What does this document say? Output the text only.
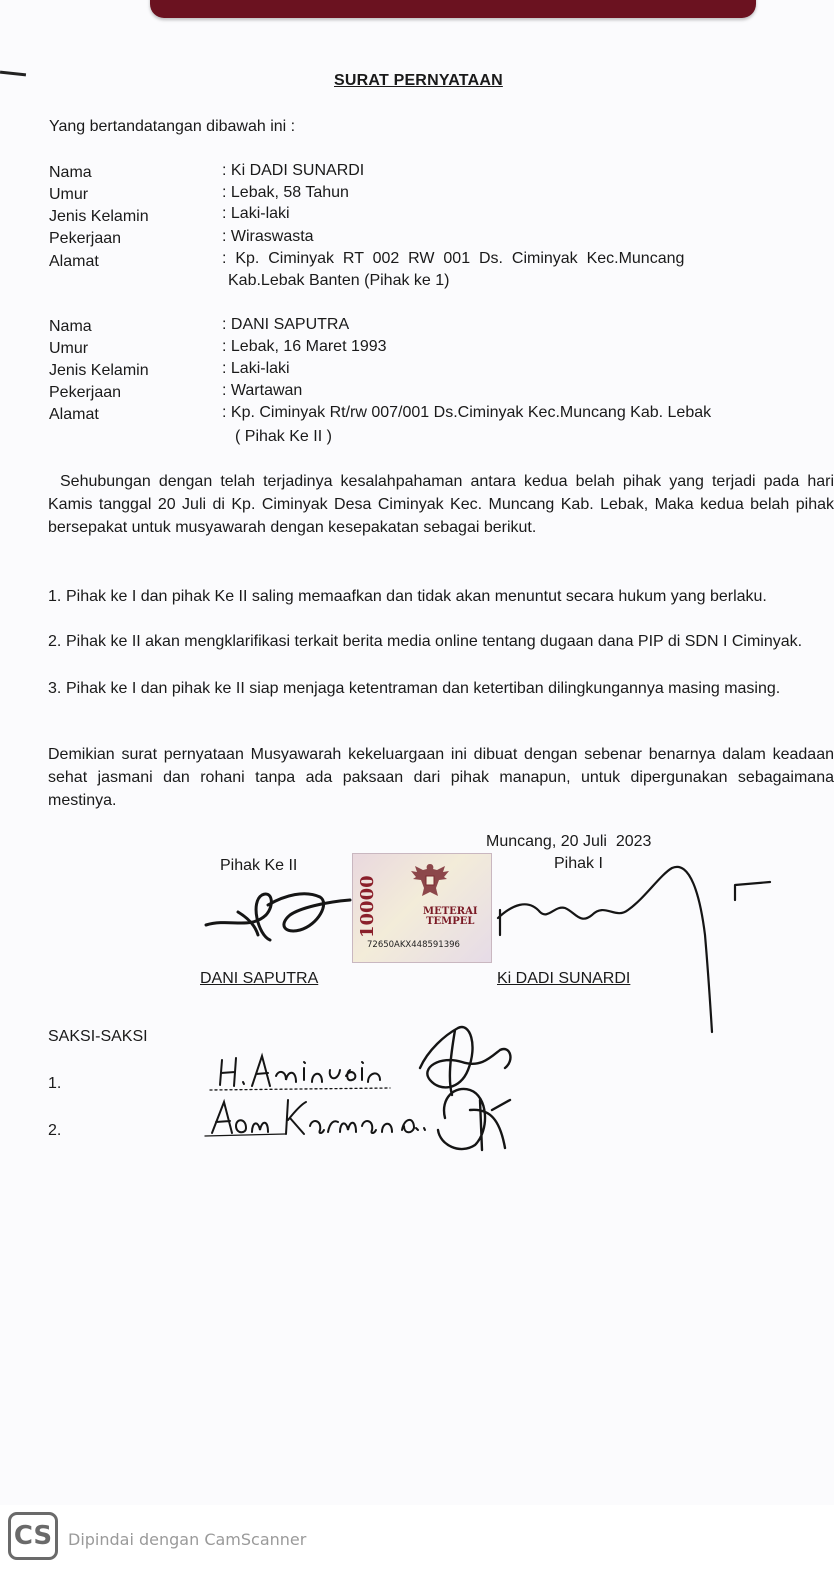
SURAT PERNYATAAN
Yang bertandatangan dibawah ini :
Nama	: Ki DADI SUNARDI
Umur	: Lebak, 58 Tahun
Jenis Kelamin	: Laki-laki
Pekerjaan	: Wiraswasta
Alamat	:  Kp.  Ciminyak  RT  002  RW  001  Ds.  Ciminyak  Kec.Muncang
Kab.Lebak Banten (Pihak ke 1)
Nama	: DANI SAPUTRA
Umur	: Lebak, 16 Maret 1993
Jenis Kelamin	: Laki-laki
Pekerjaan	: Wartawan
Alamat	: Kp. Ciminyak Rt/rw 007/001 Ds.Ciminyak Kec.Muncang Kab. Lebak
( Pihak Ke II )
Sehubungan dengan telah terjadinya kesalahpahaman antara kedua belah pihak yang terjadi pada hari Kamis tanggal 20 Juli di Kp. Ciminyak Desa Ciminyak Kec. Muncang Kab. Lebak, Maka kedua belah pihak bersepakat untuk musyawarah dengan kesepakatan sebagai berikut.
1. Pihak ke I dan pihak Ke II saling memaafkan dan tidak akan menuntut secara hukum yang berlaku.
2. Pihak ke II akan mengklarifikasi terkait berita media online tentang dugaan dana PIP di SDN I Ciminyak.
3. Pihak ke I dan pihak ke II siap menjaga ketentraman dan ketertiban dilingkungannya masing masing.
Demikian surat pernyataan Musyawarah kekeluargaan ini dibuat dengan sebenar benarnya dalam keadaan sehat jasmani dan rohani tanpa ada paksaan dari pihak manapun, untuk dipergunakan sebagaimana mestinya.
Muncang, 20 Juli  2023
Pihak Ke II	Pihak I
10000	METERAI
TEMPEL
72650AKX448591396
DANI SAPUTRA	Ki DADI SUNARDI
SAKSI-SAKSI
1.
2.
CS Dipindai dengan CamScanner
